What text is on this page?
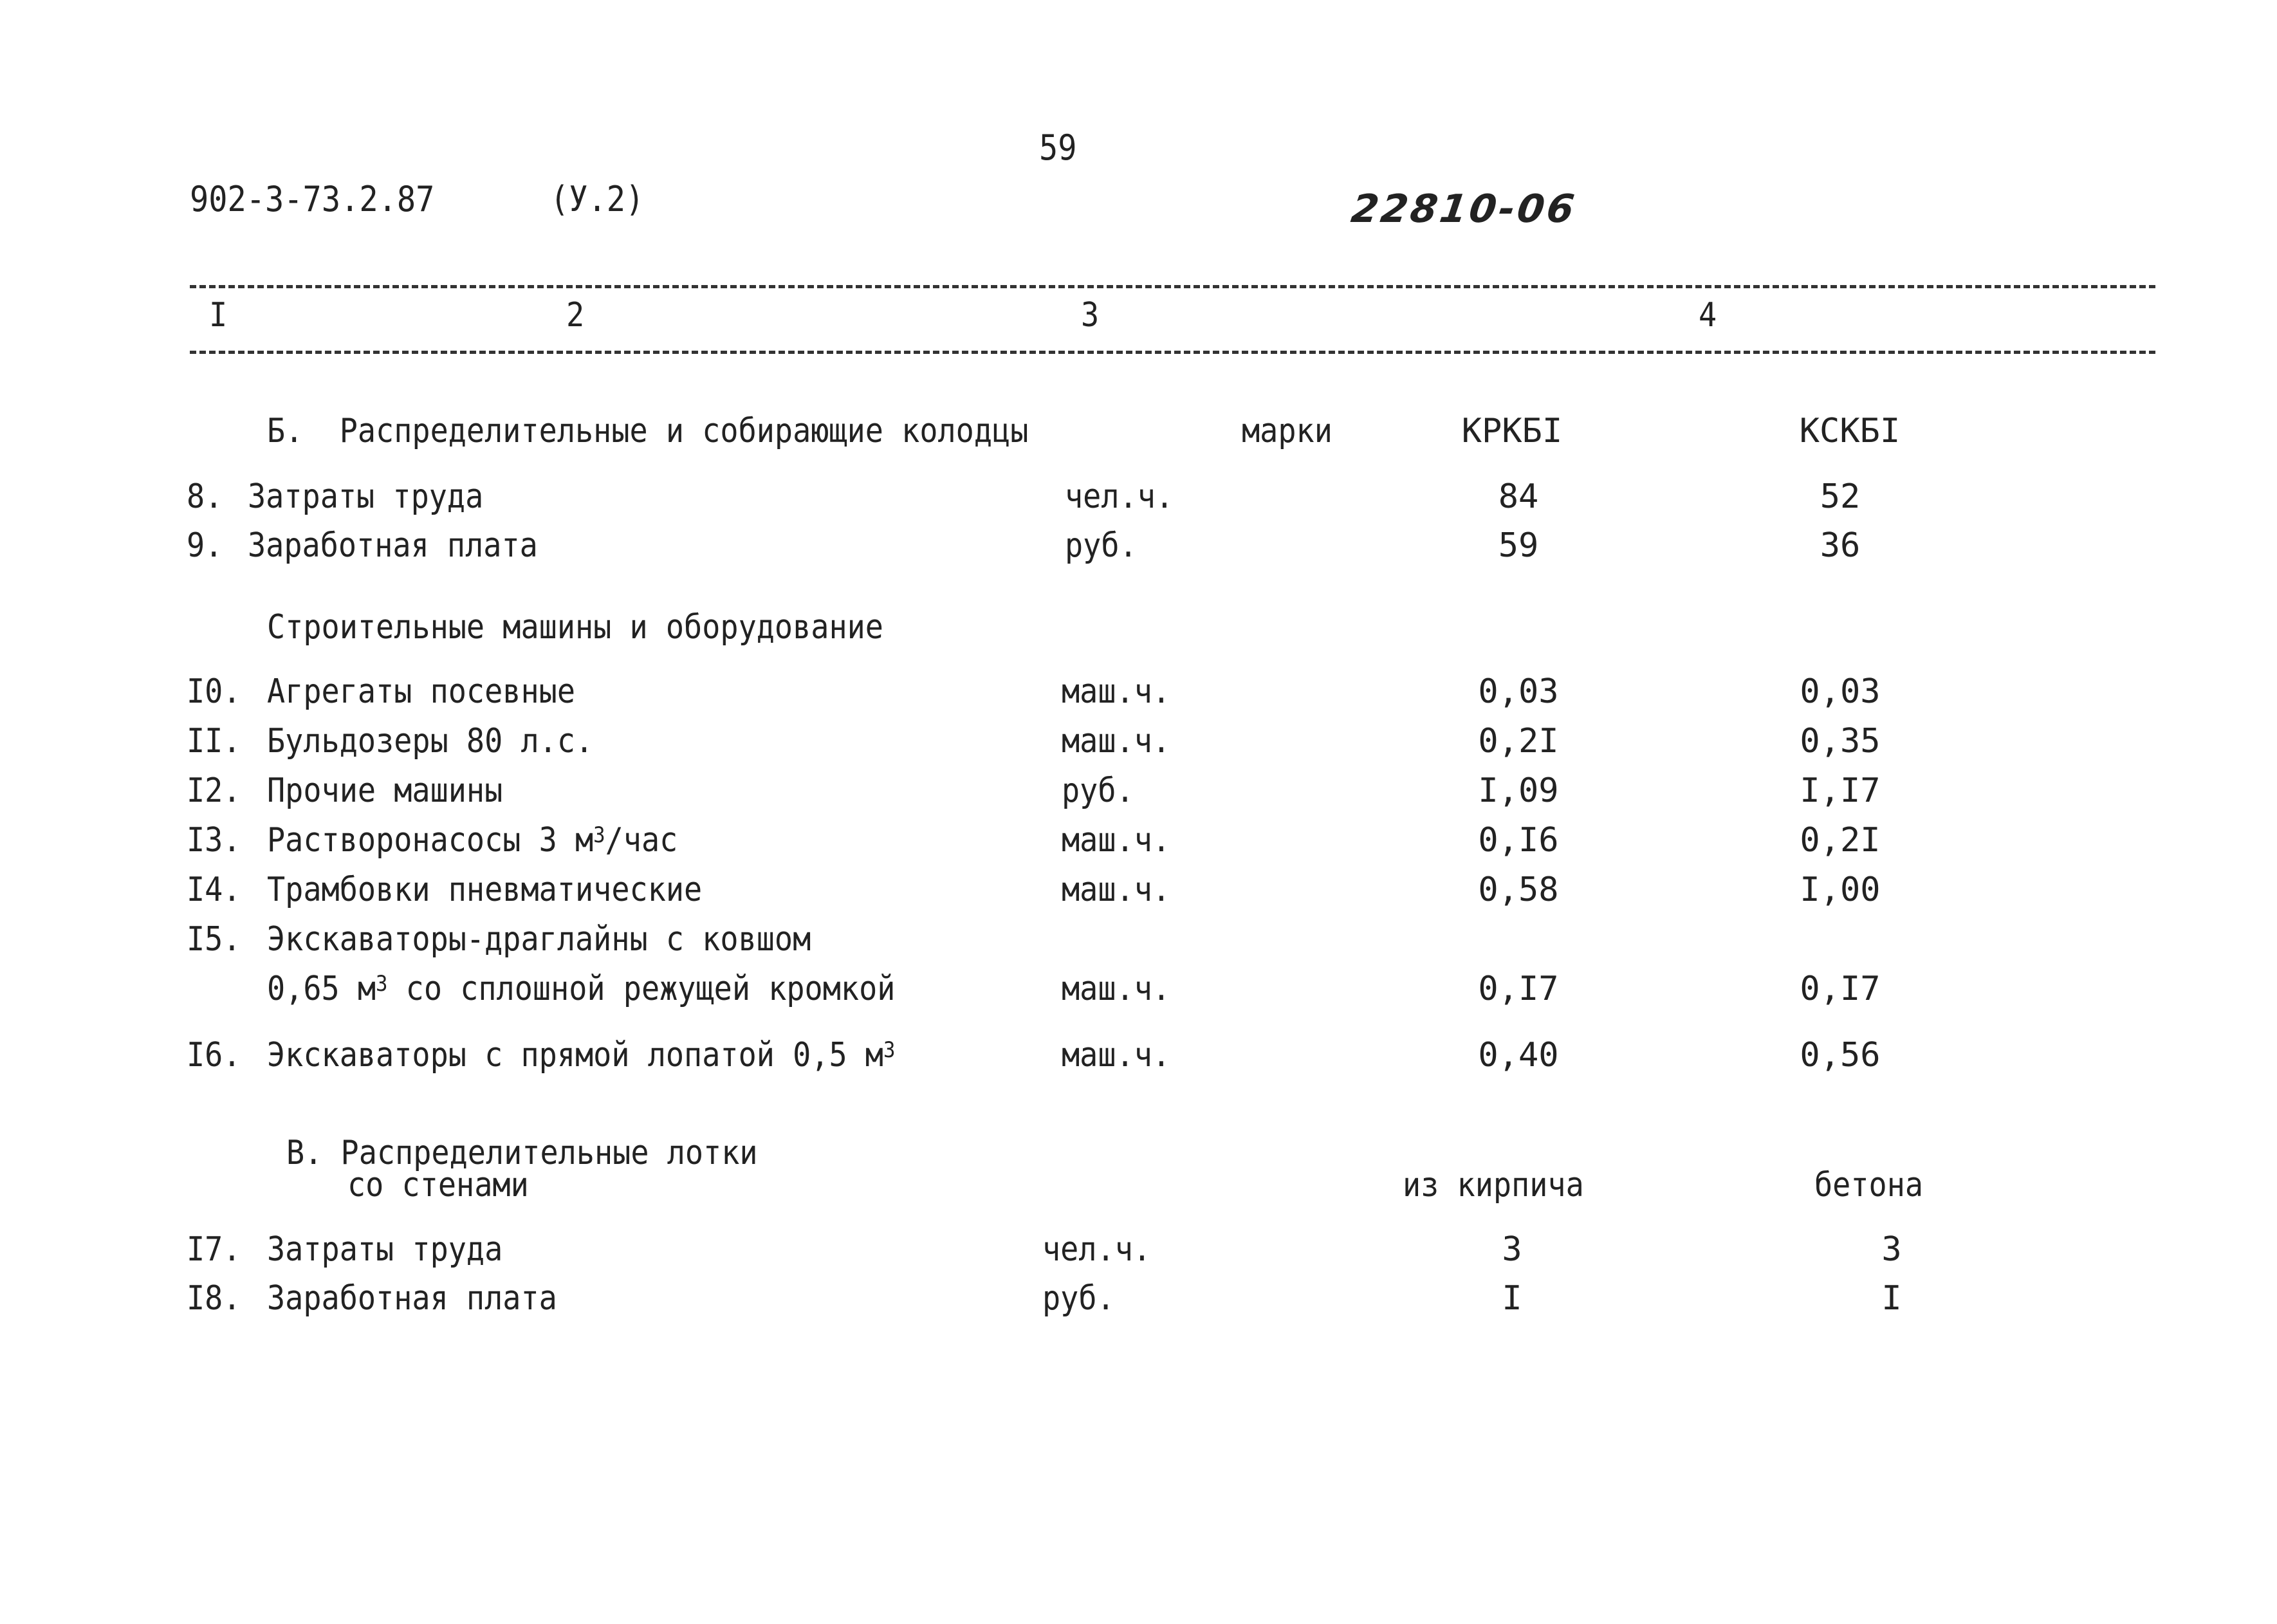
59
902-3-73.2.87	(У.2)	22810-06
I	2	3	4
Б.  Распределительные и собирающие колодцы	марки	КРКБI	КСКБI
8. Затраты труда	чел.ч.	84	52
9. Заработная плата	руб.	59	36
Строительные машины и оборудование
I0. Агрегаты посевные	маш.ч.	0,03	0,03
II. Бульдозеры 80 л.с.	маш.ч.	0,2I	0,35
I2. Прочие машины	руб.	I,09	I,I7
I3. Растворонасосы 3 $м^3$/час	маш.ч.	0,I6	0,2I
I4. Трамбовки пневматические	маш.ч.	0,58	I,00
I5. Экскаваторы-драглайны с ковшом
0,65 $м^3$ со сплошной режущей кромкой	маш.ч.	0,I7	0,I7
I6. Экскаваторы с прямой лопатой 0,5 $м^3$	маш.ч.	0,40	0,56
В. Распределительные лотки
со стенами	из кирпича	бетона
I7. Затраты труда	чел.ч.	3	3
I8. Заработная плата	руб.	I	I
